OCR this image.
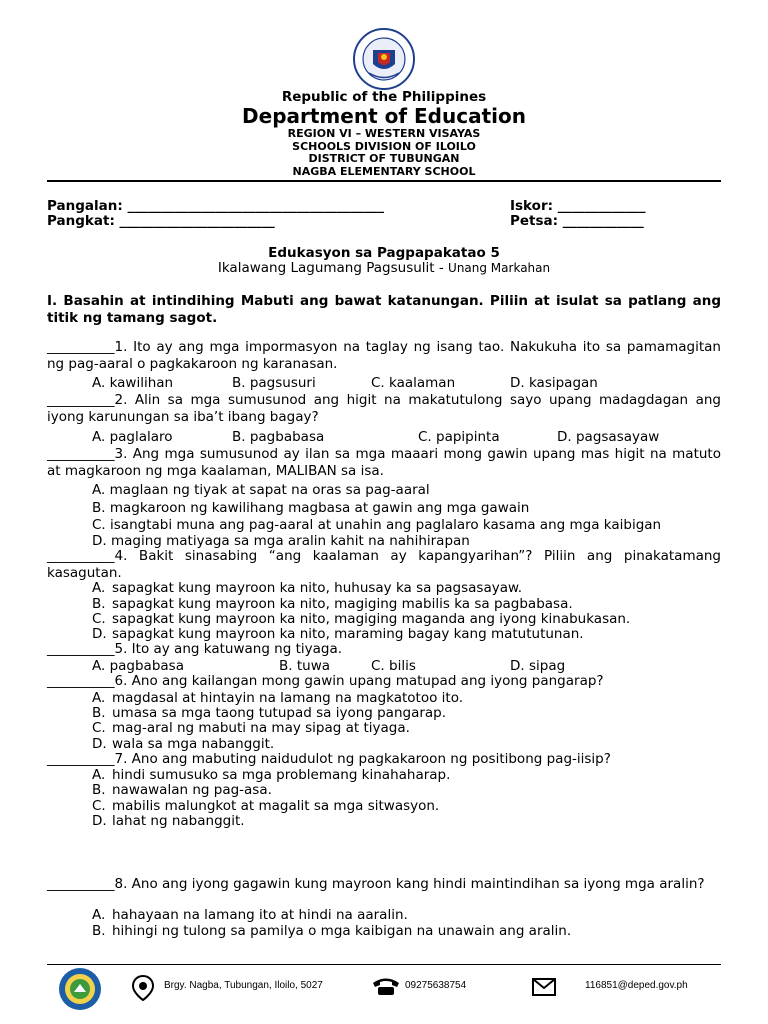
Republic of the Philippines
Department of Education
REGION VI – WESTERN VISAYAS
SCHOOLS DIVISION OF ILOILO
DISTRICT OF TUBUNGAN
NAGBA ELEMENTARY SCHOOL
Pangalan: ______________________________________
Pangkat: _______________________
Iskor: _____________
Petsa: ____________
Edukasyon sa Pagpapakatao 5
Ikalawang Lagumang Pagsusulit - Unang Markahan
I. Basahin at intindihing Mabuti ang bawat katanungan. Piliin at isulat sa patlang ang titik ng tamang sagot.
__________1. Ito ay ang mga impormasyon na taglay ng isang tao. Nakukuha ito sa pamamagitan ng pag-aaral o pagkakaroon ng karanasan.
A. kawilihan	B. pagsusuri	C. kaalaman	D. kasipagan
__________2. Alin sa mga sumusunod ang higit na makatutulong sayo upang madagdagan ang iyong karunungan sa iba’t ibang bagay?
A. paglalaro	B. pagbabasa	C. papipinta	D. pagsasayaw
__________3. Ang mga sumusunod ay ilan sa mga maaari mong gawin upang mas higit na matuto at magkaroon ng mga kaalaman, MALIBAN sa isa.
A. maglaan ng tiyak at sapat na oras sa pag-aaral
B. magkaroon ng kawilihang magbasa at gawin ang mga gawain
C. isangtabi muna ang pag-aaral at unahin ang paglalaro kasama ang mga kaibigan
D. maging matiyaga sa mga aralin kahit na nahihirapan
__________4. Bakit sinasabing “ang kaalaman ay kapangyarihan”? Piliin ang pinakatamang kasagutan.
A. sapagkat kung mayroon ka nito, huhusay ka sa pagsasayaw.
B. sapagkat kung mayroon ka nito, magiging mabilis ka sa pagbabasa.
C. sapagkat kung mayroon ka nito, magiging maganda ang iyong kinabukasan.
D. sapagkat kung mayroon ka nito, maraming bagay kang matututunan.
__________5. Ito ay ang katuwang ng tiyaga.
A. pagbabasa	B. tuwa	C. bilis	D. sipag
__________6. Ano ang kailangan mong gawin upang matupad ang iyong pangarap?
A. magdasal at hintayin na lamang na magkatotoo ito.
B. umasa sa mga taong tutupad sa iyong pangarap.
C. mag-aral ng mabuti na may sipag at tiyaga.
D. wala sa mga nabanggit.
__________7. Ano ang mabuting naidudulot ng pagkakaroon ng positibong pag-iisip?
A. hindi sumusuko sa mga problemang kinahaharap.
B. nawawalan ng pag-asa.
C. mabilis malungkot at magalit sa mga sitwasyon.
D. lahat ng nabanggit.
__________8. Ano ang iyong gagawin kung mayroon kang hindi maintindihan sa iyong mga aralin?
A. hahayaan na lamang ito at hindi na aaralin.
B. hihingi ng tulong sa pamilya o mga kaibigan na unawain ang aralin.
Brgy. Nagba, Tubungan, Iloilo, 5027	09275638754	116851@deped.gov.ph
